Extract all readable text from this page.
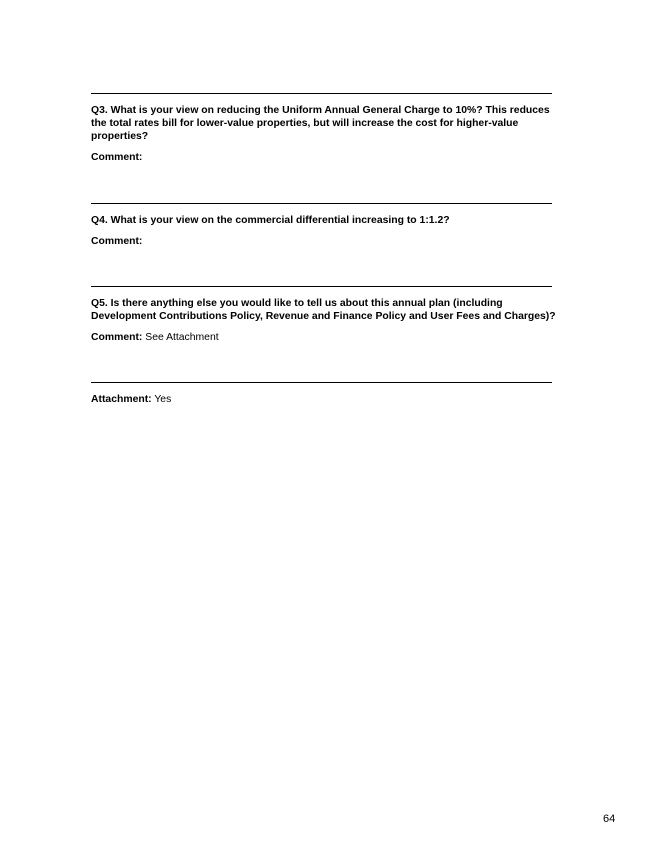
Q3. What is your view on reducing the Uniform Annual General Charge to 10%? This reduces the total rates bill for lower-value properties, but will increase the cost for higher-value properties?

Comment:

Q4. What is your view on the commercial differential increasing to 1:1.2?

Comment:

Q5. Is there anything else you would like to tell us about this annual plan (including Development Contributions Policy, Revenue and Finance Policy and User Fees and Charges)?

Comment: See Attachment

Attachment: Yes

64
